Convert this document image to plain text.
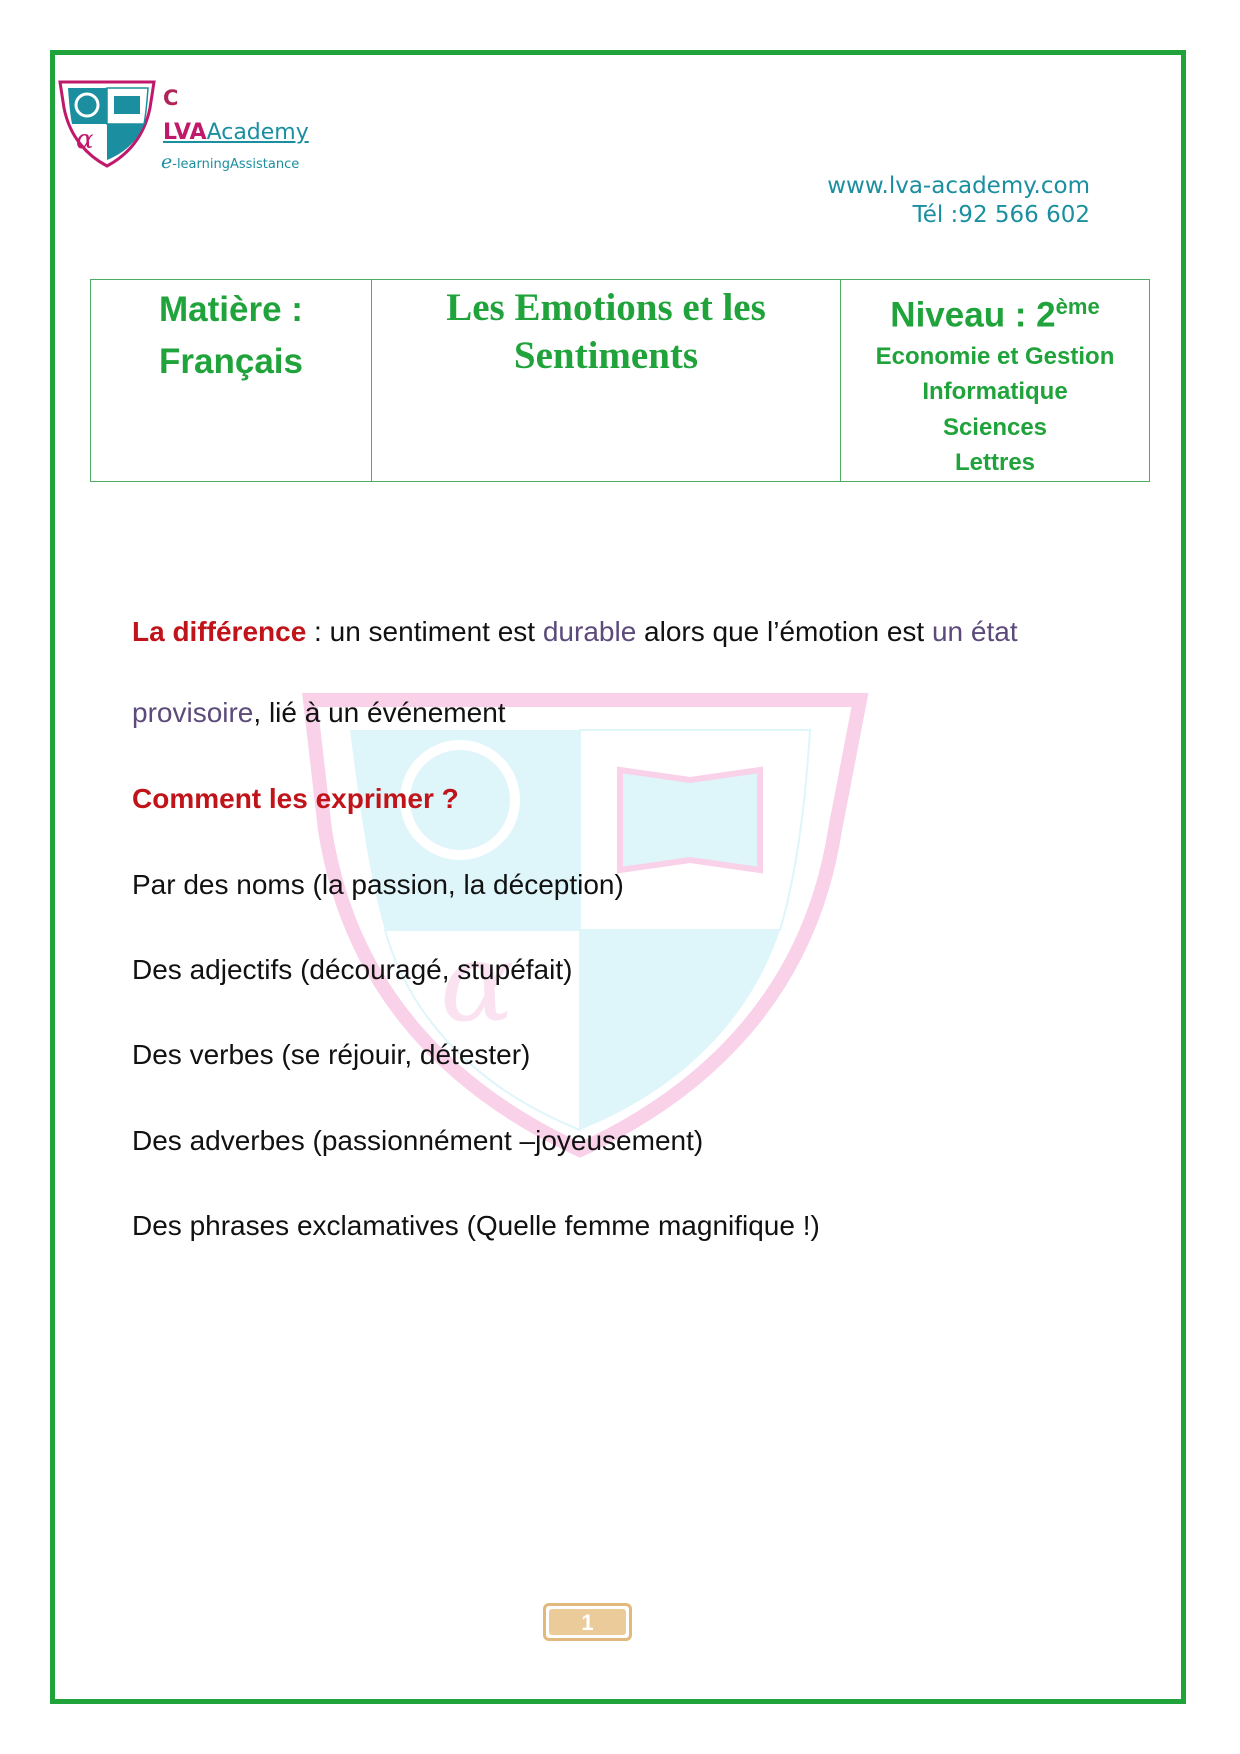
α
α
C
LVAAcademy
e-learningAssistance
www.lva-academy.com
Tél :92 566 602
Matière :
Français

Les Emotions et les
Sentiments

Niveau : 2ème
Economie et Gestion
Informatique
Sciences
Lettres
La différence : un sentiment est durable alors que l’émotion est un état
provisoire, lié à un événement
Comment les exprimer ?
Par des noms (la passion, la déception)
Des adjectifs (découragé, stupéfait)
Des verbes (se réjouir, détester)
Des adverbes (passionnément –joyeusement)
Des phrases exclamatives (Quelle femme magnifique !)
1
